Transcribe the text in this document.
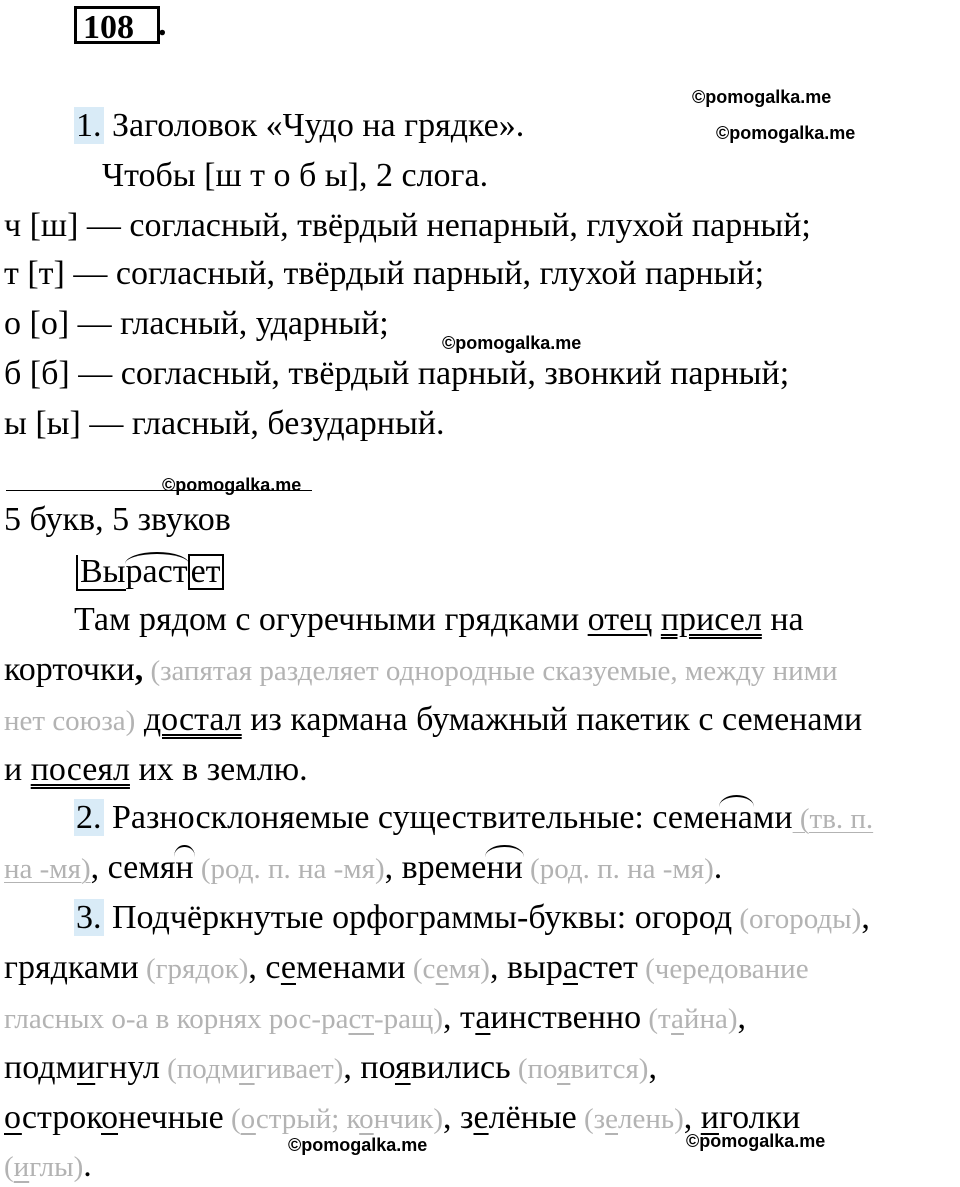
108 .
©pomogalka.me
©pomogalka.me
©pomogalka.me
©pomogalka.me
©pomogalka.me	©pomogalka.me
1. Заголовок «Чудо на грядке».
Чтобы [ш т о б ы], 2 слога.
ч [ш] — согласный, твёрдый непарный, глухой парный;
т [т] — согласный, твёрдый парный, глухой парный;
о [о] — гласный, ударный;
б [б] — согласный, твёрдый парный, звонкий парный;
ы [ы] — гласный, безударный.
5 букв, 5 звуков
Вырастет
Там рядом с огуречными грядками отец присел на
корточки, (запятая разделяет однородные сказуемые, между ними
нет союза) достал из кармана бумажный пакетик с семенами
и посеял их в землю.
2. Разносклоняемые существительные: семенами (тв. п.
на -мя), семян (род. п. на -мя), времени (род. п. на -мя).
3. Подчёркнутые орфограммы-буквы: огород (огороды),
грядками (грядок), семенами (семя), вырастет (чередование
гласных о-а в корнях рос-раст-ращ), таинственно (тайна),
подмигнул (подмигивает), появились (появится),
остроконечные (острый; кончик), зелёные (зелень), иголки
(иглы).
